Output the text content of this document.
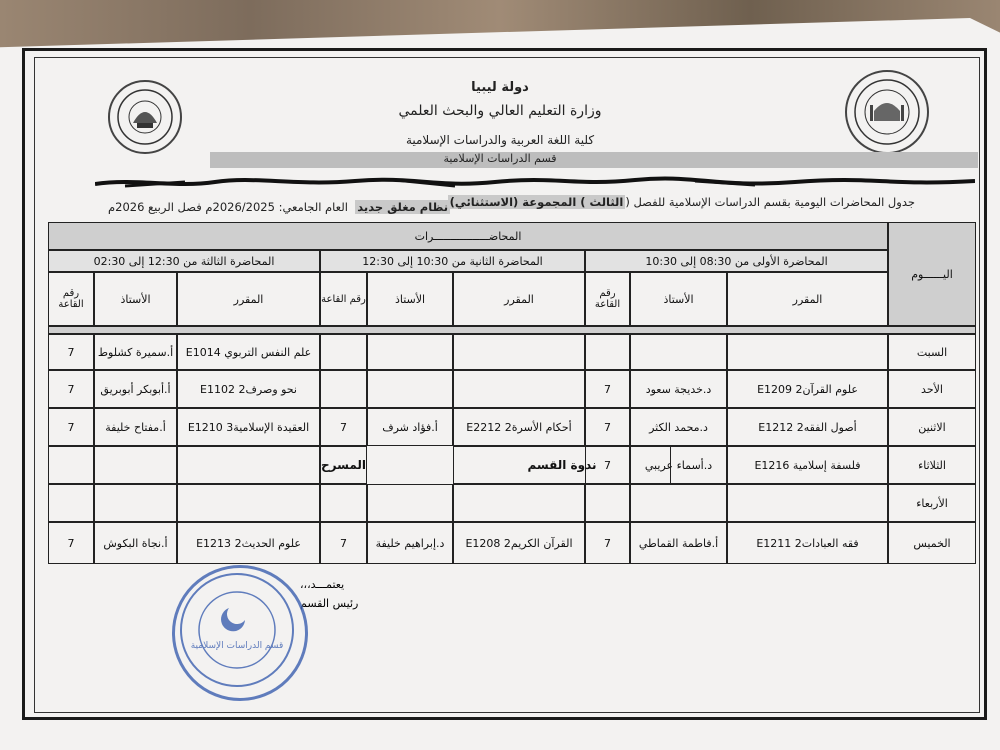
دولة ليبيا
وزارة التعليم العالي والبحث العلمي
كلية اللغة العربية والدراسات الإسلامية
قسم الدراسات الإسلامية
جدول المحاضرات اليومية بقسم الدراسات الإسلامية للفصل (الثالث) المجموعة (الاستثنائي)
نظام مغلق جديد  العام الجامعي: 2026/2025م فصل الربيع 2026م
اليــــــوم
المحاضـــــــــــــــــرات
المحاضرة الأولى من 08:30 إلى 10:30
المقرر
الأستاذ
رقم القاعة
المحاضرة الثانية من 10:30 إلى 12:30
المقرر
الأستاذ
رقم القاعة
المحاضرة الثالثة من 12:30 إلى 02:30
المقرر
الأستاذ
رقم القاعة
السبت
علم النفس التربوي E1014
أ.سميرة كشلوط
7
الأحد
علوم القرآن2 E1209
د.خديجة سعود
7
نحو وصرف2 E1102
أ.أبوبكر أبوبريق
7
الاثنين
أصول الفقه2 E1212
د.محمد الكثر
7
أحكام الأسرة2 E2212
أ.فؤاد شرف
7
العقيدة الإسلامية3 E1210
أ.مفتاح خليفة
7
الثلاثاء
فلسفة إسلامية E1216
د.أسماء عريبي
7
ندوة القسم
المسرح
الأربعاء
الخميس
فقه العبادات2 E1211
أ.فاطمة القماطي
7
القرآن الكريم2 E1208
د.إبراهيم خليفة
7
علوم الحديث2 E1213
أ.نجاة البكوش
7
يعتمـــد،،،
رئيس القسم
قسم الدراسات الإسلامية
